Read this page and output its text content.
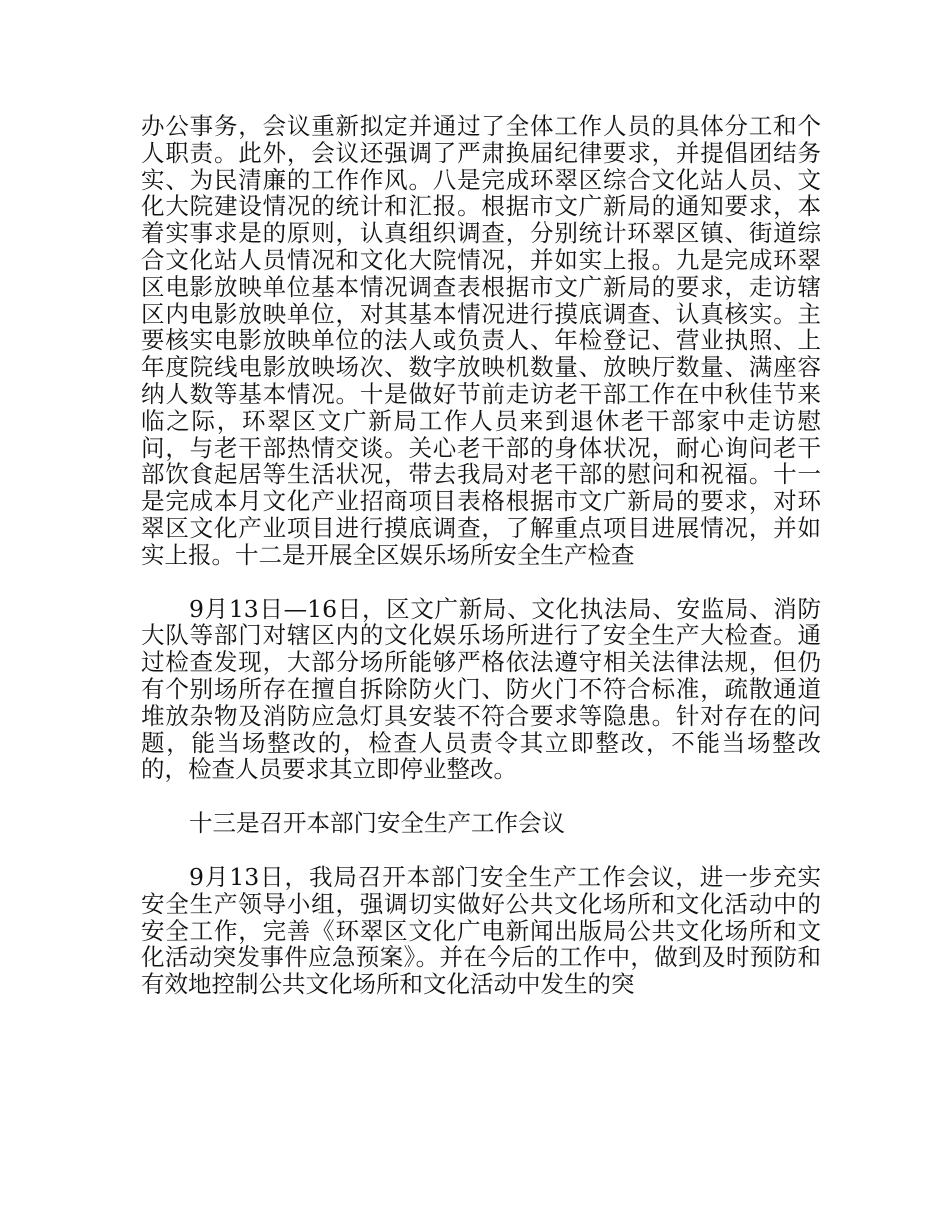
办公事务，会议重新拟定并通过了全体工作人员的具体分工和个人职责。此外，会议还强调了严肃换届纪律要求，并提倡团结务实、为民清廉的工作作风。八是完成环翠区综合文化站人员、文化大院建设情况的统计和汇报。根据市文广新局的通知要求，本着实事求是的原则，认真组织调查，分别统计环翠区镇、街道综合文化站人员情况和文化大院情况，并如实上报。九是完成环翠区电影放映单位基本情况调查表根据市文广新局的要求，走访辖区内电影放映单位，对其基本情况进行摸底调查、认真核实。主要核实电影放映单位的法人或负责人、年检登记、营业执照、上年度院线电影放映场次、数字放映机数量、放映厅数量、满座容纳人数等基本情况。十是做好节前走访老干部工作在中秋佳节来临之际，环翠区文广新局工作人员来到退休老干部家中走访慰问，与老干部热情交谈。关心老干部的身体状况，耐心询问老干部饮食起居等生活状况，带去我局对老干部的慰问和祝福。十一是完成本月文化产业招商项目表格根据市文广新局的要求，对环翠区文化产业项目进行摸底调查，了解重点项目进展情况，并如实上报。十二是开展全区娱乐场所安全生产检查

9月13日—16日，区文广新局、文化执法局、安监局、消防大队等部门对辖区内的文化娱乐场所进行了安全生产大检查。通过检查发现，大部分场所能够严格依法遵守相关法律法规，但仍有个别场所存在擅自拆除防火门、防火门不符合标准，疏散通道堆放杂物及消防应急灯具安装不符合要求等隐患。针对存在的问题，能当场整改的，检查人员责令其立即整改，不能当场整改的，检查人员要求其立即停业整改。

十三是召开本部门安全生产工作会议

9月13日，我局召开本部门安全生产工作会议，进一步充实安全生产领导小组，强调切实做好公共文化场所和文化活动中的安全工作，完善《环翠区文化广电新闻出版局公共文化场所和文化活动突发事件应急预案》。并在今后的工作中，做到及时预防和有效地控制公共文化场所和文化活动中发生的突
